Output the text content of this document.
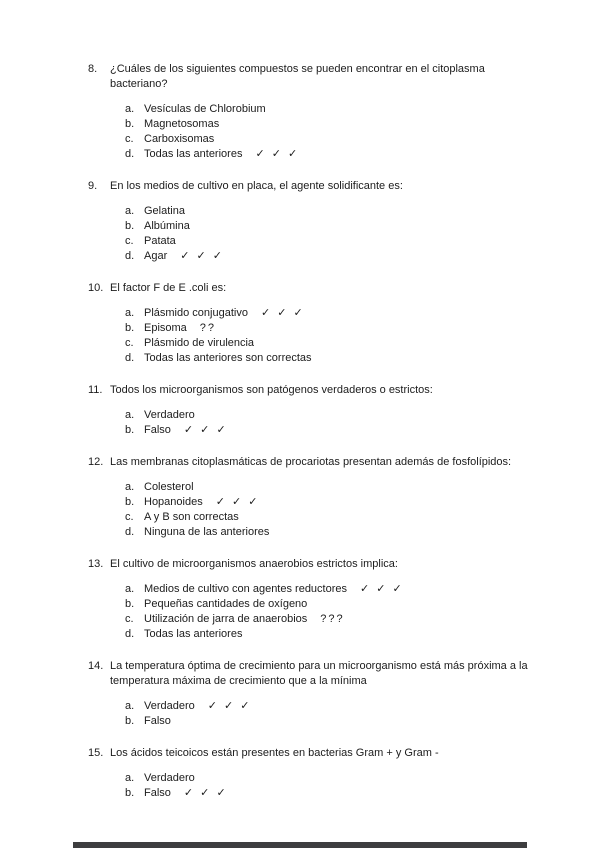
8.	¿Cuáles de los siguientes compuestos se pueden encontrar en el citoplasma bacteriano?
a. Vesículas de Chlorobium
b. Magnetosomas
c. Carboxisomas
d. Todas las anteriores ✓ ✓ ✓
9.	En los medios de cultivo en placa, el agente solidificante es:
a. Gelatina
b. Albúmina
c. Patata
d. Agar ✓ ✓ ✓
10. El factor F de E .coli es:
a. Plásmido conjugativo ✓ ✓ ✓
b. Episoma ??
c. Plásmido de virulencia
d. Todas las anteriores son correctas
11. Todos los microorganismos son patógenos verdaderos o estrictos:
a. Verdadero
b. Falso ✓ ✓ ✓
12. Las membranas citoplasmáticas de procariotas presentan además de fosfolípidos:
a. Colesterol
b. Hopanoides ✓ ✓ ✓
c. A y B son correctas
d. Ninguna de las anteriores
13. El cultivo de microorganismos anaerobios estrictos implica:
a. Medios de cultivo con agentes reductores ✓ ✓ ✓
b. Pequeñas cantidades de oxígeno
c. Utilización de jarra de anaerobios ???
d. Todas las anteriores
14. La temperatura óptima de crecimiento para un microorganismo está más próxima a la temperatura máxima de crecimiento que a la mínima
a. Verdadero ✓ ✓ ✓
b. Falso
15. Los ácidos teicoicos están presentes en bacterias Gram + y Gram -
a. Verdadero
b. Falso ✓ ✓ ✓
